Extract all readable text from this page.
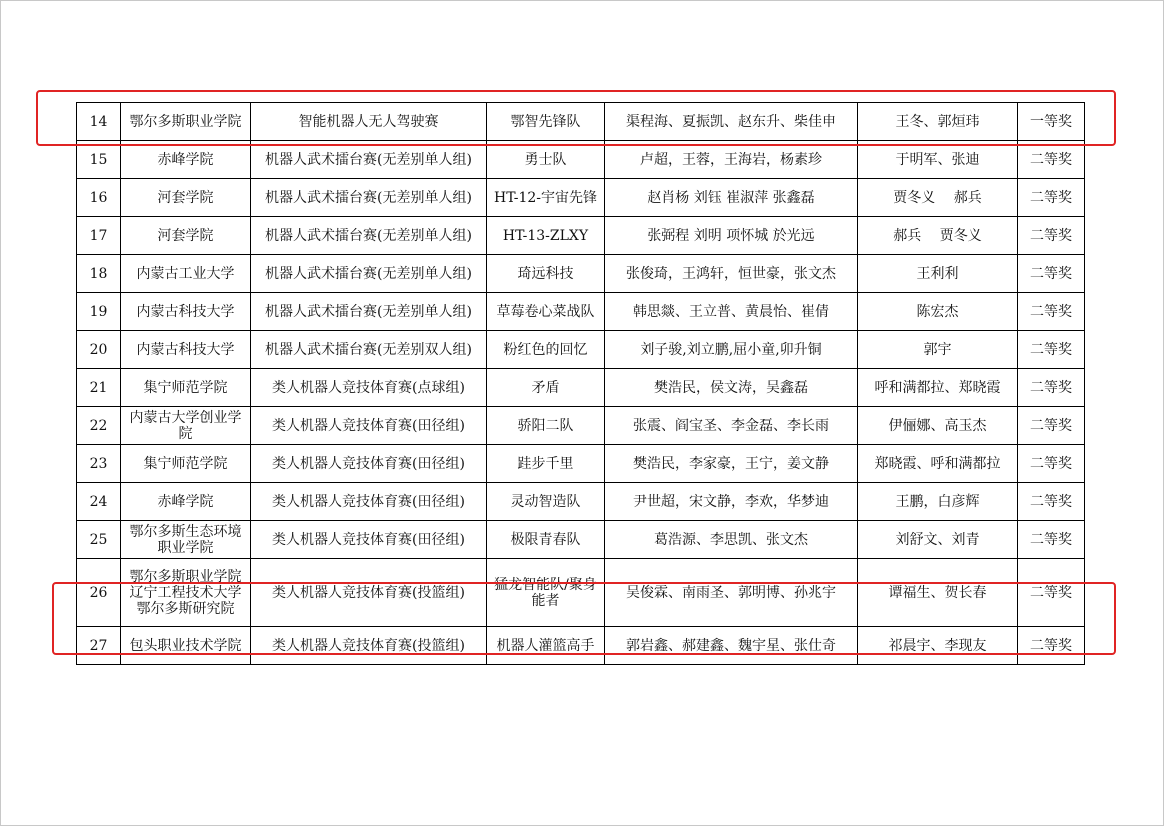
14	鄂尔多斯职业学院	智能机器人无人驾驶赛	鄂智先锋队	渠程海、夏振凯、赵东升、柴佳申	王冬、郭烜玮	一等奖
15	赤峰学院	机器人武术擂台赛(无差别单人组)	勇士队	卢超，王蓉，王海岩，杨素珍	于明军、张迪	二等奖
16	河套学院	机器人武术擂台赛(无差别单人组)	HT-12-宇宙先锋	赵肖杨 刘钰 崔淑萍 张鑫磊	贾冬义　 郝兵	二等奖
17	河套学院	机器人武术擂台赛(无差别单人组)	HT-13-ZLXY	张弼程 刘明 项怀城 於光远	郝兵　 贾冬义	二等奖
18	内蒙古工业大学	机器人武术擂台赛(无差别单人组)	琦远科技	张俊琦，王鸿轩，恒世豪，张文杰	王利利	二等奖
19	内蒙古科技大学	机器人武术擂台赛(无差别单人组)	草莓卷心菜战队	韩思燚、王立普、黄晨怡、崔倩	陈宏杰	二等奖
20	内蒙古科技大学	机器人武术擂台赛(无差别双人组)	粉红色的回忆	刘子骏,刘立鹏,屈小童,卯升铜	郭宇	二等奖
21	集宁师范学院	类人机器人竞技体育赛(点球组)	矛盾	樊浩民，侯文涛，吴鑫磊	呼和满都拉、郑晓霞	二等奖
22	内蒙古大学创业学院	类人机器人竞技体育赛(田径组)	骄阳二队	张震、阎宝圣、李金磊、李长雨	伊俪娜、高玉杰	二等奖
23	集宁师范学院	类人机器人竞技体育赛(田径组)	跬步千里	樊浩民，李家豪，王宁，姜文静	郑晓霞、呼和满都拉	二等奖
24	赤峰学院	类人机器人竞技体育赛(田径组)	灵动智造队	尹世超，宋文静，李欢，华梦迪	王鹏，白彦辉	二等奖
25	鄂尔多斯生态环境职业学院	类人机器人竞技体育赛(田径组)	极限青春队	葛浩源、李思凯、张文杰	刘舒文、刘青	二等奖
26	鄂尔多斯职业学院辽宁工程技术大学鄂尔多斯研究院	类人机器人竞技体育赛(投篮组)	猛龙智能队/聚身能者	吴俊霖、南雨圣、郭明博、孙兆宇	谭福生、贺长春	二等奖
27	包头职业技术学院	类人机器人竞技体育赛(投篮组)	机器人灌篮高手	郭岩鑫、郝建鑫、魏宇星、张仕奇	祁晨宇、李现友	二等奖
